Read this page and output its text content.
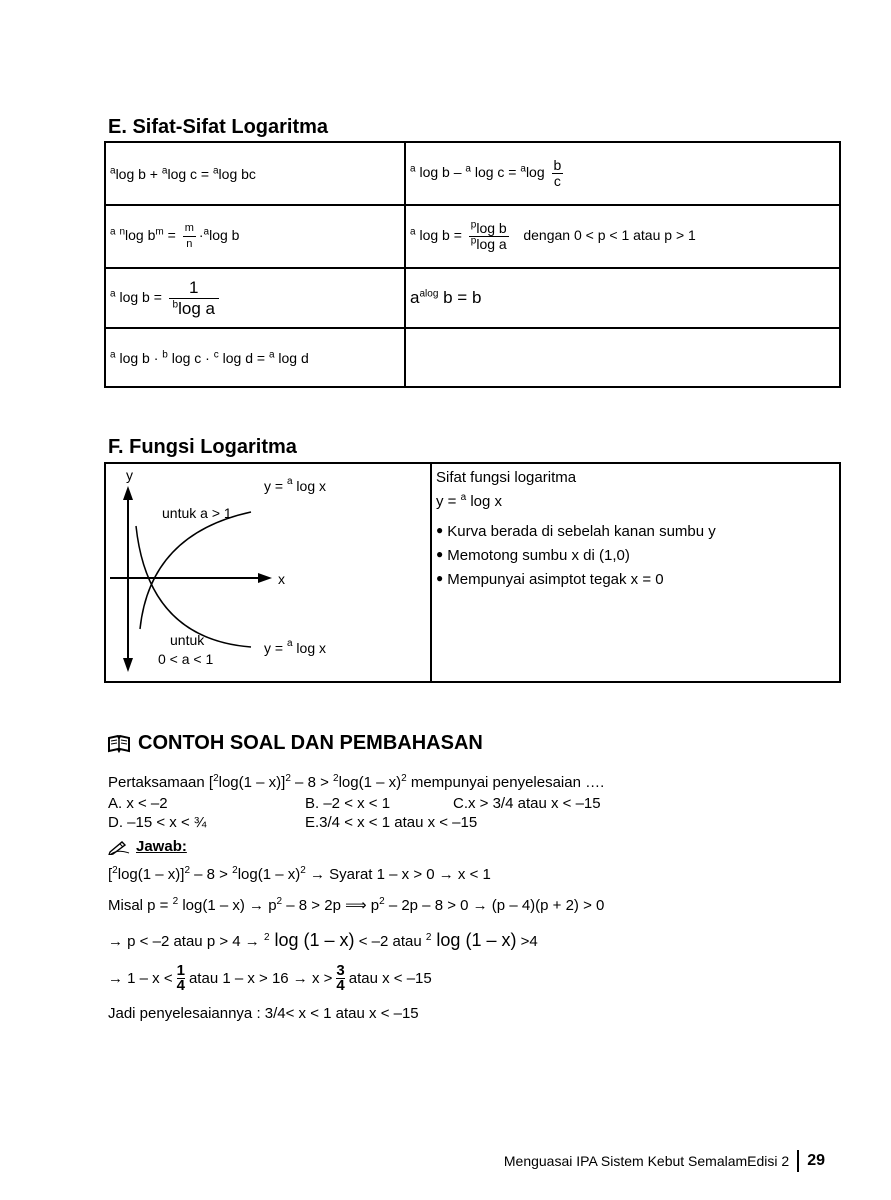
E. Sifat-Sifat Logaritma
$^a$log b + $^a$log c = $^a$log bc	$^a$ log b – $^a$ $\log c = ^a\log \frac{b}{c}$

$^a$ $^n$log $b^m = \frac{m}{n} \cdot^a\log$ b	$^a$ $\log b = \frac{^p\log b}{^p\log a}$ dengan 0 < p < 1 atau p > 1
$^a$ $\log b = \frac{1}{^b\log a}$	$a^{alog}$ b = b
$^a$ log b · $^b$ log c · $^c$ log d = $^a$ log d	
F. Fungsi Logaritma
y
x
y = $^a$ log x
untuk a > 1
untuk
0 < a < 1
y = $^a$ log x
Sifat fungsi logaritma
y = $^a$ log x
● Kurva berada di sebelah kanan sumbu y
● Memotong sumbu x di (1,0)
● Mempunyai asimptot tegak x = 0
CONTOH SOAL DAN PEMBAHASAN
Pertaksamaan [$^2$log(1 – x)]$^2$ – 8 > $^2$log(1 – x)$^2$ mempunyai penyelesaian ….
A. x < –2	B. –2 < x < 1	C.x > 3/4 atau x < –15
D. –15 < x < ¾	E.3/4 < x < 1 atau x < –15
Jawab:
[$^2$log(1 – x)]$^2$ – 8 > $^2$log(1 – x)$^2$ → Syarat 1 – x > 0 → x < 1
Misal p = $^2$ $\log(1 - x) \to p^2 - 8 > 2p$ ⟹ $p^2 - 2p - 8 > 0 \to (p - 4)(p + 2) > 0$
→ p < –2 atau p > 4 → $^2$ log (1 – x) < –2 atau $^2$ log (1 – x) >4
→ $1 - x < \frac{1}{4}$ atau $1 - x > 16 \to x > \frac{3}{4}$ atau x < –15
Jadi penyelesaiannya : 3/4< x < 1 atau x < –15
Menguasai IPA Sistem Kebut SemalamEdisi 2 29
